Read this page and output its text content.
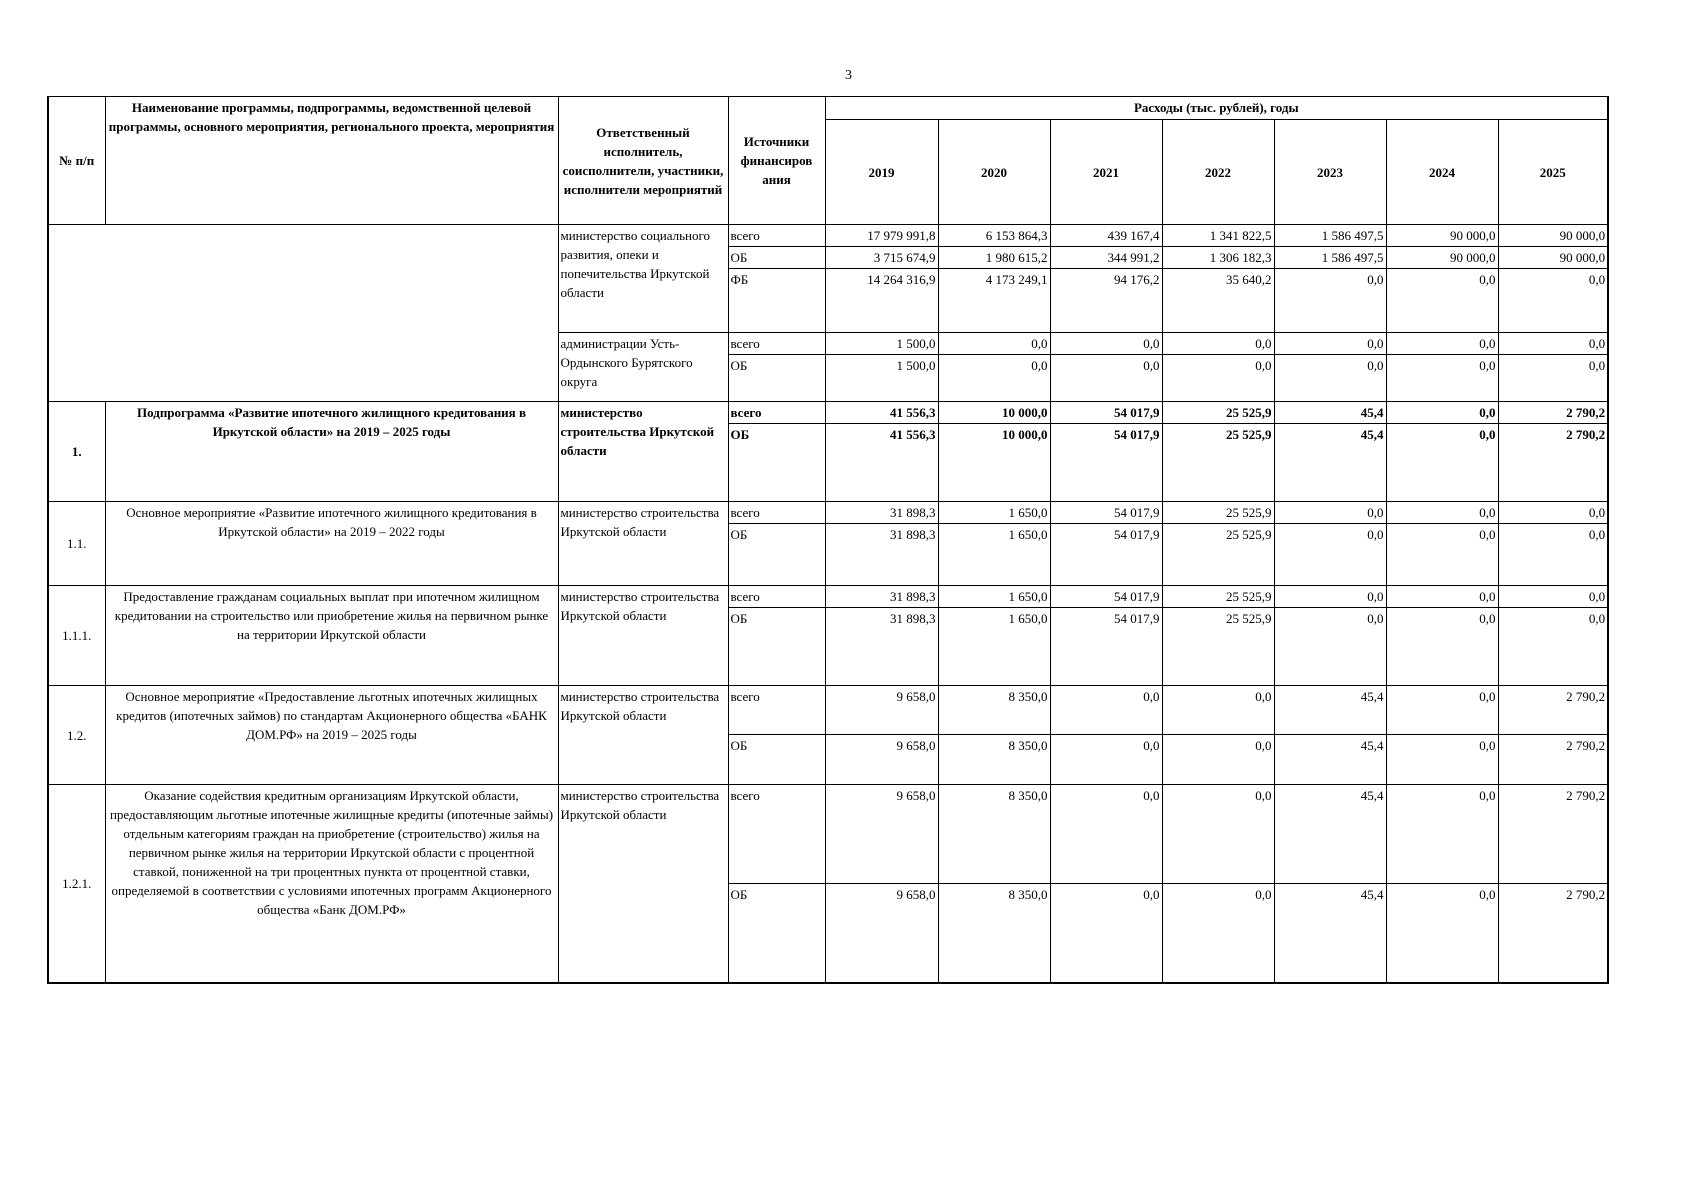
3
№ п/п	Наименование программы, подпрограммы, ведомственной целевой программы, основного мероприятия, регионального проекта, мероприятия	Ответственный исполнитель, соисполнители, участники, исполнители мероприятий	Источники финансиров ания	Расходы (тыс. рублей), годы						
				2019	2020	2021	2022	2023	2024	2025
		министерство социального развития, опеки и попечительства Иркутской области	всего	17 979 991,8	6 153 864,3	439 167,4	1 341 822,5	1 586 497,5	90 000,0	90 000,0
			ОБ	3 715 674,9	1 980 615,2	344 991,2	1 306 182,3	1 586 497,5	90 000,0	90 000,0
			ФБ	14 264 316,9	4 173 249,1	94 176,2	35 640,2	0,0	0,0	0,0
		администрации Усть-Ордынского Бурятского округа	всего	1 500,0	0,0	0,0	0,0	0,0	0,0	0,0
			ОБ	1 500,0	0,0	0,0	0,0	0,0	0,0	0,0
1.	Подпрограмма «Развитие ипотечного жилищного кредитования в Иркутской области» на 2019 – 2025 годы	министерство строительства Иркутской области	всего	41 556,3	10 000,0	54 017,9	25 525,9	45,4	0,0	2 790,2
			ОБ	41 556,3	10 000,0	54 017,9	25 525,9	45,4	0,0	2 790,2
1.1.	Основное мероприятие «Развитие ипотечного жилищного кредитования в Иркутской области» на 2019 – 2022 годы	министерство строительства Иркутской области	всего	31 898,3	1 650,0	54 017,9	25 525,9	0,0	0,0	0,0
			ОБ	31 898,3	1 650,0	54 017,9	25 525,9	0,0	0,0	0,0
1.1.1.	Предоставление гражданам социальных выплат при ипотечном жилищном кредитовании на строительство или приобретение жилья на первичном рынке на территории Иркутской области	министерство строительства Иркутской области	всего	31 898,3	1 650,0	54 017,9	25 525,9	0,0	0,0	0,0
			ОБ	31 898,3	1 650,0	54 017,9	25 525,9	0,0	0,0	0,0
1.2.	Основное мероприятие «Предоставление льготных ипотечных жилищных кредитов (ипотечных займов) по стандартам Акционерного общества «БАНК ДОМ.РФ» на 2019 – 2025 годы	министерство строительства Иркутской области	всего	9 658,0	8 350,0	0,0	0,0	45,4	0,0	2 790,2
			ОБ	9 658,0	8 350,0	0,0	0,0	45,4	0,0	2 790,2
1.2.1.	Оказание содействия кредитным организациям Иркутской области, предоставляющим льготные ипотечные жилищные кредиты (ипотечные займы) отдельным категориям граждан на приобретение (строительство) жилья на первичном рынке жилья на территории Иркутской области с процентной ставкой, пониженной на три процентных пункта от процентной ставки, определяемой в соответствии с условиями ипотечных программ Акционерного общества «Банк ДОМ.РФ»	министерство строительства Иркутской области	всего	9 658,0	8 350,0	0,0	0,0	45,4	0,0	2 790,2
			ОБ	9 658,0	8 350,0	0,0	0,0	45,4	0,0	2 790,2
